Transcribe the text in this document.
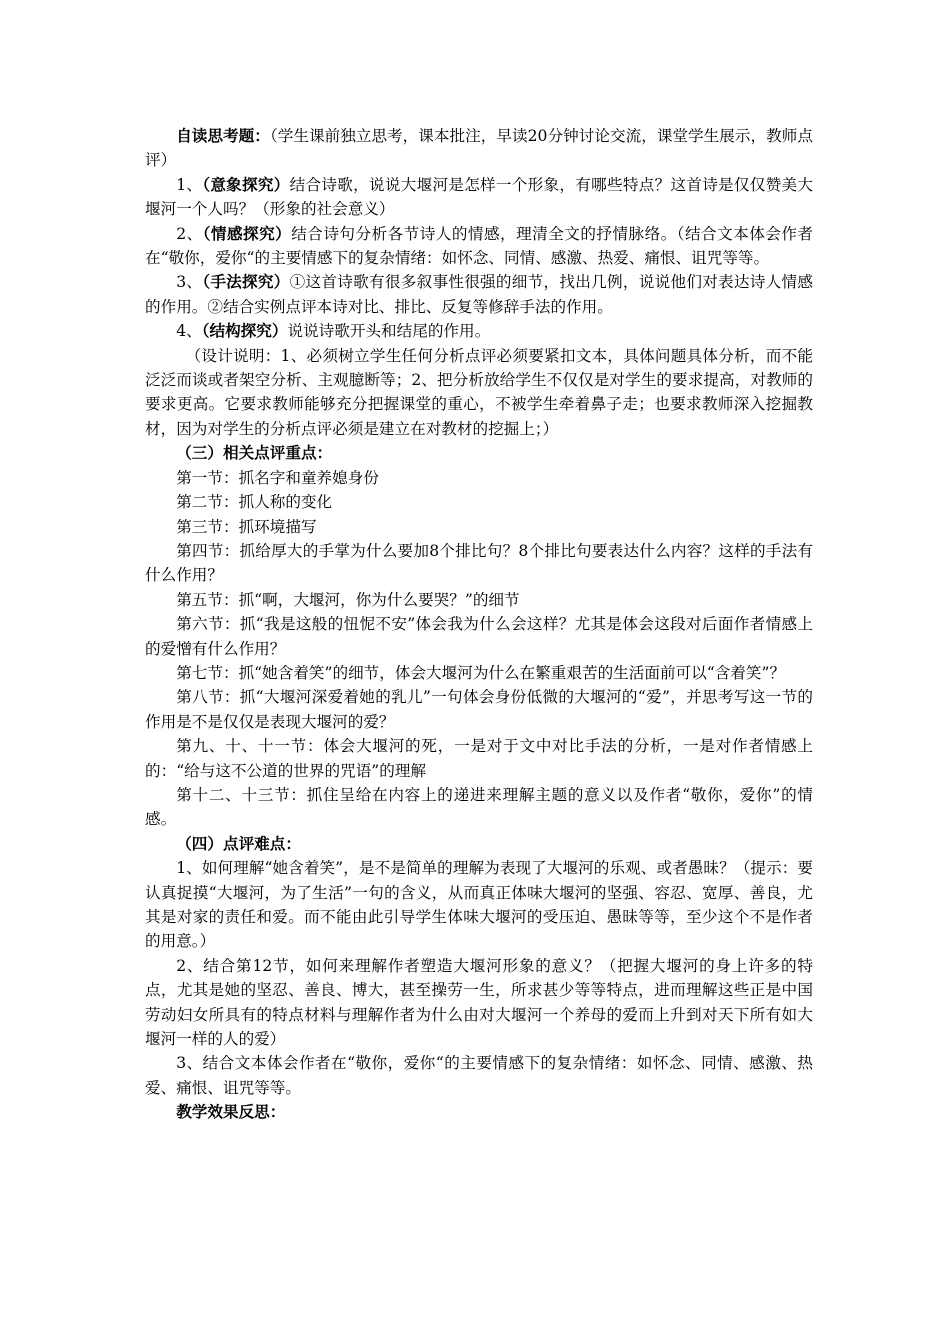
自读思考题：（学生课前独立思考，课本批注，早读20分钟讨论交流，课堂学生展示，教师点评）

1、（意象探究）结合诗歌，说说大堰河是怎样一个形象，有哪些特点？这首诗是仅仅赞美大堰河一个人吗？（形象的社会意义）

2、（情感探究）结合诗句分析各节诗人的情感，理清全文的抒情脉络。（结合文本体会作者在“敬你，爱你“的主要情感下的复杂情绪：如怀念、同情、感激、热爱、痛恨、诅咒等等。

3、（手法探究）①这首诗歌有很多叙事性很强的细节，找出几例，说说他们对表达诗人情感的作用。②结合实例点评本诗对比、排比、反复等修辞手法的作用。

4、（结构探究）说说诗歌开头和结尾的作用。

（设计说明：1、必须树立学生任何分析点评必须要紧扣文本，具体问题具体分析，而不能泛泛而谈或者架空分析、主观臆断等；2、把分析放给学生不仅仅是对学生的要求提高，对教师的要求更高。它要求教师能够充分把握课堂的重心，不被学生牵着鼻子走；也要求教师深入挖掘教材，因为对学生的分析点评必须是建立在对教材的挖掘上；）

（三）相关点评重点：

第一节：抓名字和童养媳身份

第二节：抓人称的变化

第三节：抓环境描写

第四节：抓给厚大的手掌为什么要加8个排比句？8个排比句要表达什么内容？这样的手法有什么作用？

第五节：抓“啊，大堰河，你为什么要哭？”的细节

第六节：抓“我是这般的忸怩不安”体会我为什么会这样？尤其是体会这段对后面作者情感上的爱憎有什么作用？

第七节：抓“她含着笑”的细节，体会大堰河为什么在繁重艰苦的生活面前可以“含着笑”？

第八节：抓“大堰河深爱着她的乳儿”一句体会身份低微的大堰河的“爱”，并思考写这一节的作用是不是仅仅是表现大堰河的爱？

第九、十、十一节：体会大堰河的死，一是对于文中对比手法的分析，一是对作者情感上的：“给与这不公道的世界的咒语”的理解

第十二、十三节：抓住呈给在内容上的递进来理解主题的意义以及作者“敬你，爱你”的情感。

（四）点评难点：

1、如何理解“她含着笑”，是不是简单的理解为表现了大堰河的乐观、或者愚昧？（提示：要认真捉摸“大堰河，为了生活”一句的含义，从而真正体味大堰河的坚强、容忍、宽厚、善良，尤其是对家的责任和爱。而不能由此引导学生体味大堰河的受压迫、愚昧等等，至少这个不是作者的用意。）

2、结合第12节，如何来理解作者塑造大堰河形象的意义？（把握大堰河的身上许多的特点，尤其是她的坚忍、善良、博大，甚至操劳一生，所求甚少等等特点，进而理解这些正是中国劳动妇女所具有的特点材料与理解作者为什么由对大堰河一个养母的爱而上升到对天下所有如大堰河一样的人的爱）

3、结合文本体会作者在“敬你，爱你“的主要情感下的复杂情绪：如怀念、同情、感激、热爱、痛恨、诅咒等等。

教学效果反思：
